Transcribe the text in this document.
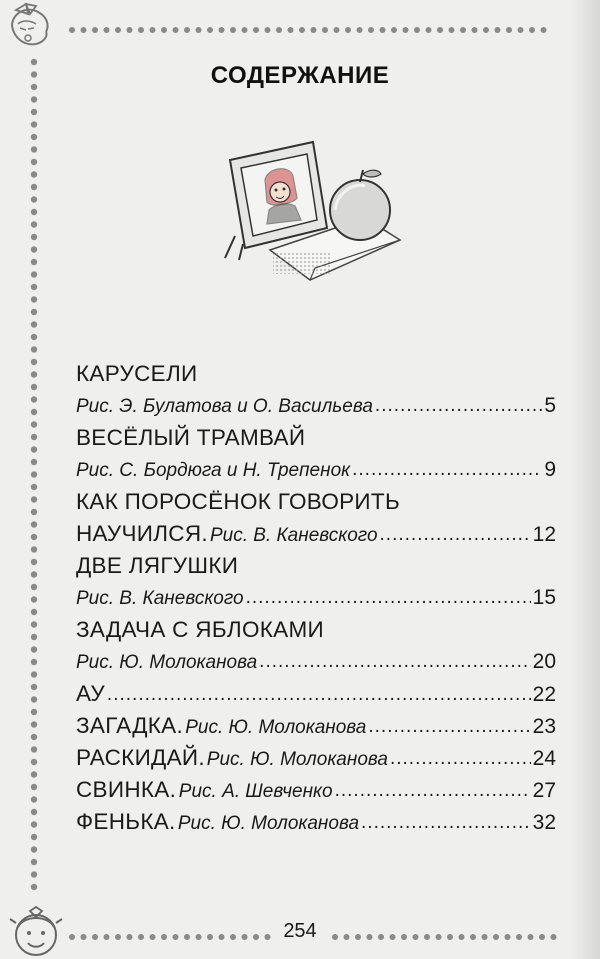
СОДЕРЖАНИЕ
КАРУСЕЛИ
Рис. Э. Булатова и О. Васильева .....	5
ВЕСЁЛЫЙ ТРАМВАЙ
Рис. С. Бордюга и Н. Трепенок .....	9
КАК ПОРОСЁНОК ГОВОРИТЬ
НАУЧИЛСЯ. Рис. В. Каневского .....	12
ДВЕ ЛЯГУШКИ
Рис. В. Каневского .....	15
ЗАДАЧА С ЯБЛОКАМИ
Рис. Ю. Молоканова .....	20
АУ .....	22
ЗАГАДКА. Рис. Ю. Молоканова .....	23
РАСКИДАЙ. Рис. Ю. Молоканова .....	24
СВИНКА. Рис. А. Шевченко .....	27
ФЕНЬКА. Рис. Ю. Молоканова .....	32
254
